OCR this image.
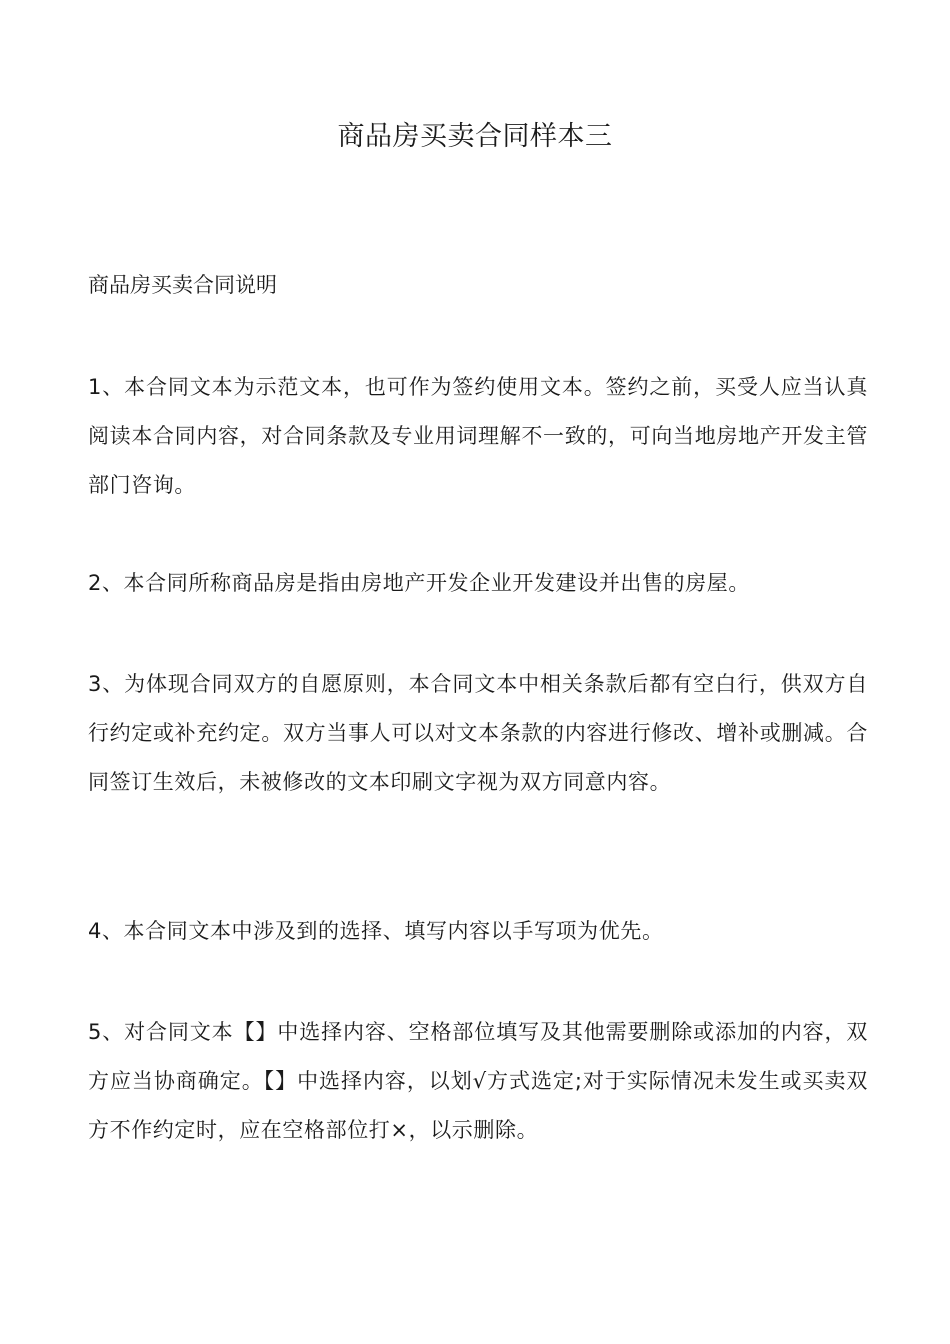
商品房买卖合同样本三

商品房买卖合同说明

1、本合同文本为示范文本，也可作为签约使用文本。签约之前，买受人应当认真阅读本合同内容，对合同条款及专业用词理解不一致的，可向当地房地产开发主管部门咨询。

2、本合同所称商品房是指由房地产开发企业开发建设并出售的房屋。

3、为体现合同双方的自愿原则，本合同文本中相关条款后都有空白行，供双方自行约定或补充约定。双方当事人可以对文本条款的内容进行修改、增补或删减。合同签订生效后，未被修改的文本印刷文字视为双方同意内容。

4、本合同文本中涉及到的选择、填写内容以手写项为优先。

5、对合同文本【】中选择内容、空格部位填写及其他需要删除或添加的内容，双方应当协商确定。【】中选择内容，以划√方式选定;对于实际情况未发生或买卖双方不作约定时，应在空格部位打×，以示删除。
